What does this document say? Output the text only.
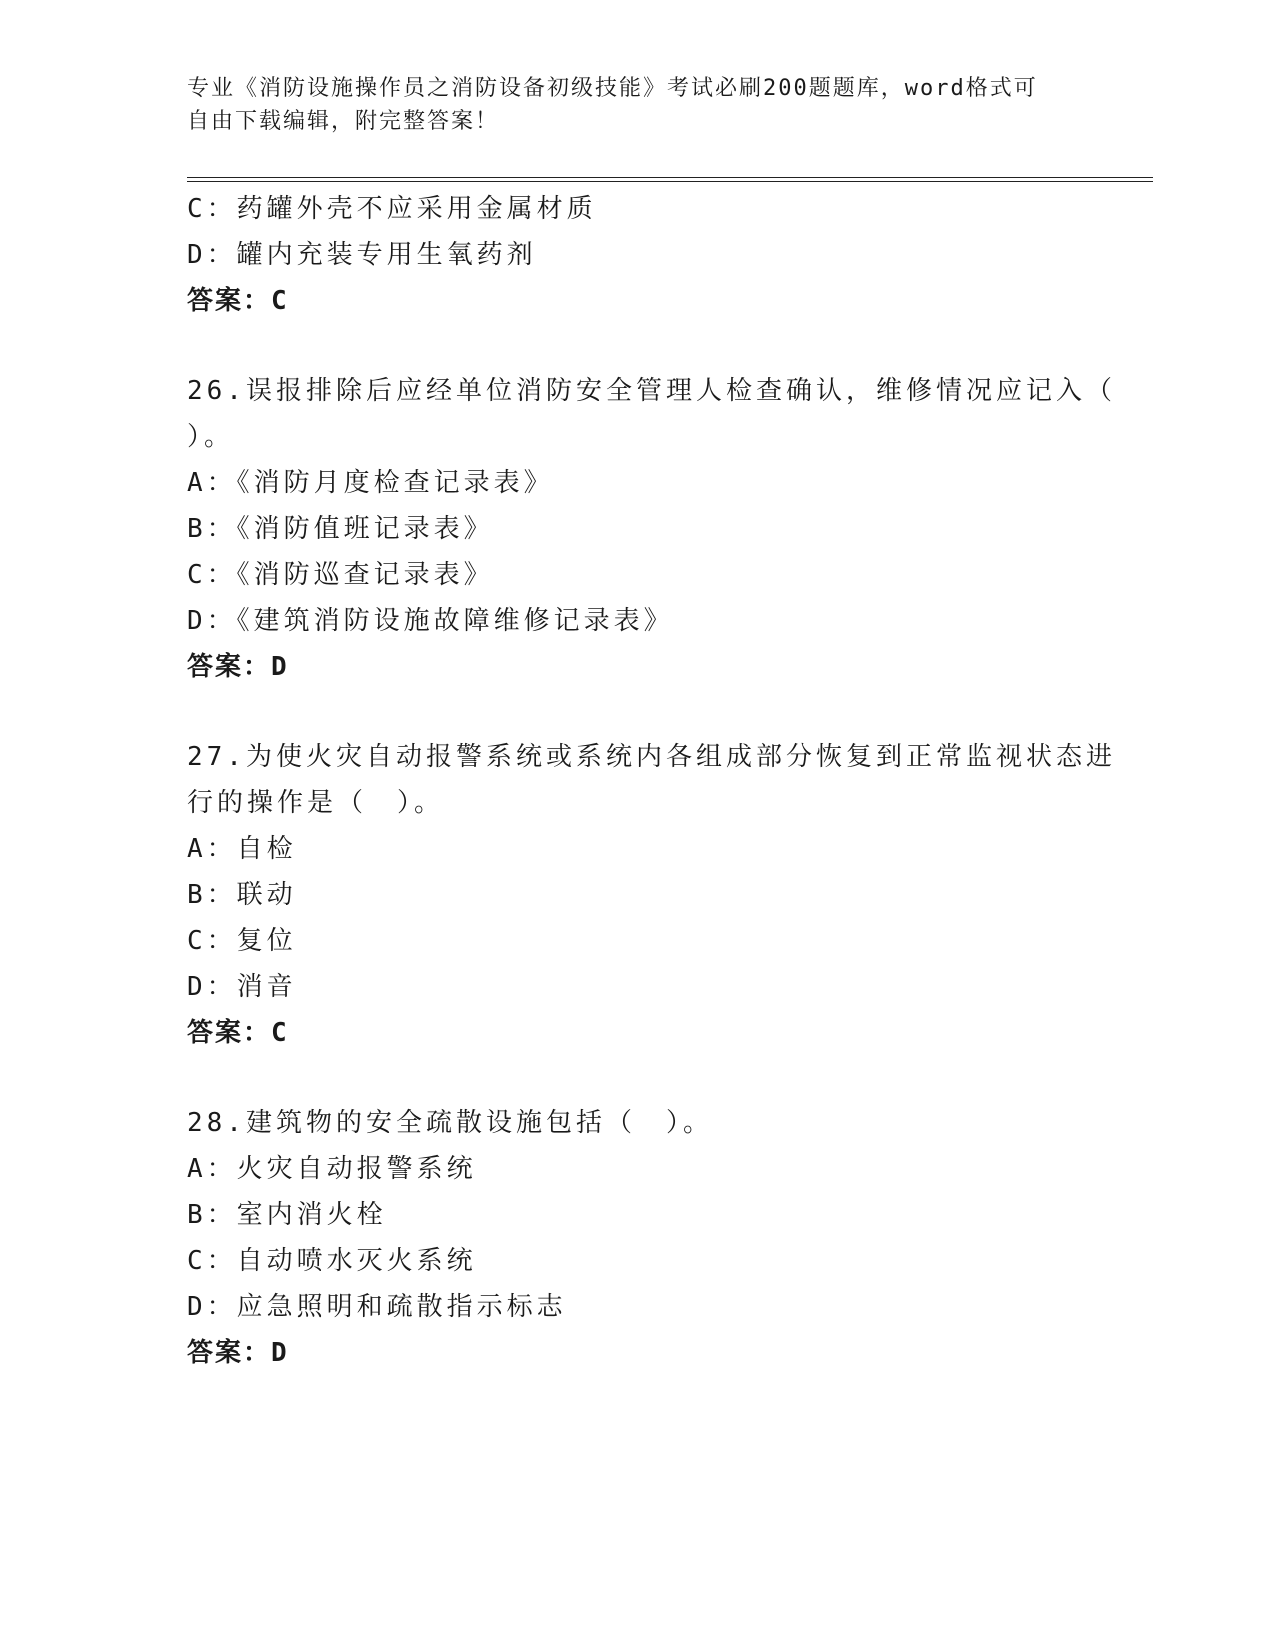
专业《消防设施操作员之消防设备初级技能》考试必刷200题题库，word格式可
自由下载编辑，附完整答案！
C：药罐外壳不应采用金属材质
D：罐内充装专用生氧药剂
答案：C
26.误报排除后应经单位消防安全管理人检查确认，维修情况应记入（
）。
A：《消防月度检查记录表》
B：《消防值班记录表》
C：《消防巡查记录表》
D：《建筑消防设施故障维修记录表》
答案：D
27.为使火灾自动报警系统或系统内各组成部分恢复到正常监视状态进
行的操作是（　）。
A：自检
B：联动
C：复位
D：消音
答案：C
28.建筑物的安全疏散设施包括（　）。
A：火灾自动报警系统
B：室内消火栓
C：自动喷水灭火系统
D：应急照明和疏散指示标志
答案：D
